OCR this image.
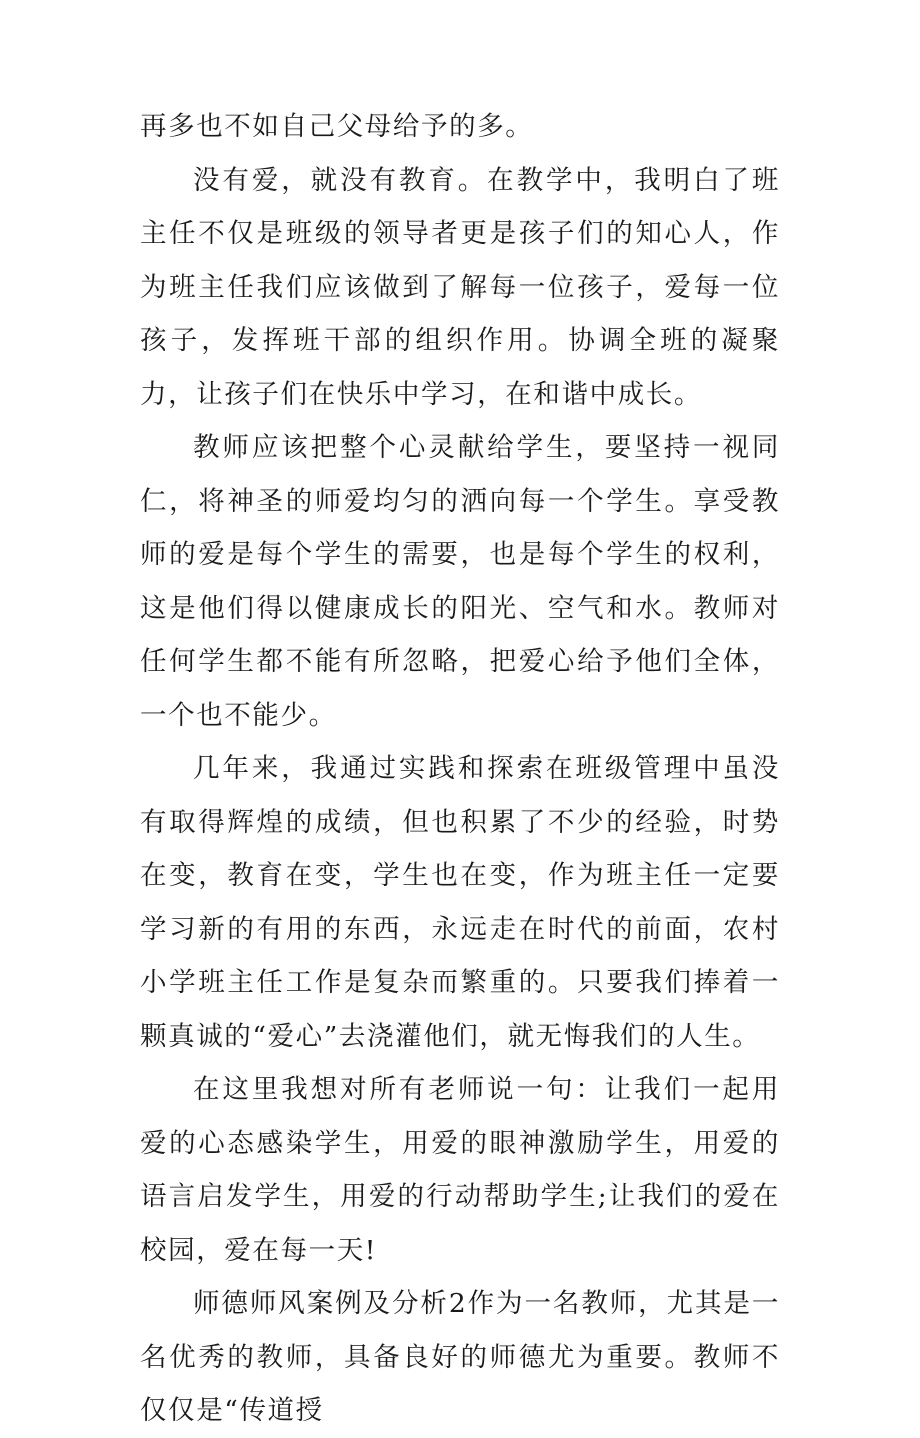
再多也不如自己父母给予的多。

没有爱，就没有教育。在教学中，我明白了班主任不仅是班级的领导者更是孩子们的知心人，作为班主任我们应该做到了解每一位孩子，爱每一位孩子，发挥班干部的组织作用。协调全班的凝聚力，让孩子们在快乐中学习，在和谐中成长。

教师应该把整个心灵献给学生，要坚持一视同仁，将神圣的师爱均匀的洒向每一个学生。享受教师的爱是每个学生的需要，也是每个学生的权利，这是他们得以健康成长的阳光、空气和水。教师对任何学生都不能有所忽略，把爱心给予他们全体，一个也不能少。

几年来，我通过实践和探索在班级管理中虽没有取得辉煌的成绩，但也积累了不少的经验，时势在变，教育在变，学生也在变，作为班主任一定要学习新的有用的东西，永远走在时代的前面，农村小学班主任工作是复杂而繁重的。只要我们捧着一颗真诚的“爱心”去浇灌他们，就无悔我们的人生。

在这里我想对所有老师说一句：让我们一起用爱的心态感染学生，用爱的眼神激励学生，用爱的语言启发学生，用爱的行动帮助学生;让我们的爱在校园，爱在每一天!

师德师风案例及分析2作为一名教师，尤其是一名优秀的教师，具备良好的师德尤为重要。教师不仅仅是“传道授
